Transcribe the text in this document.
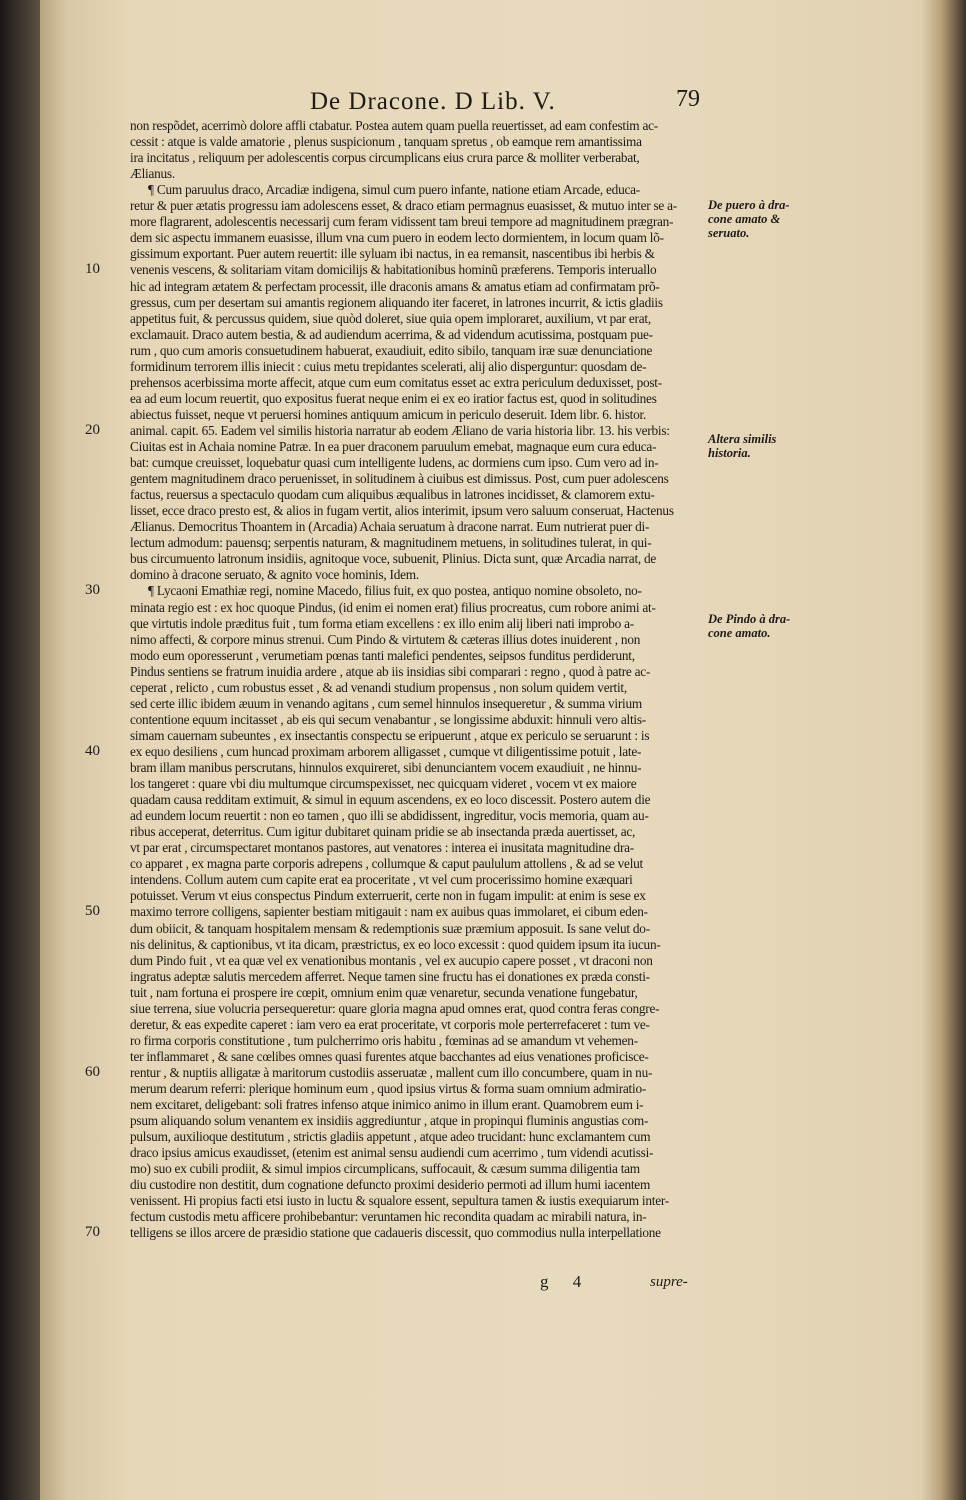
De Dracone. D Lib. V.	79
non respõdet, acerrimò dolore affli ctabatur. Postea autem quam puella reuertisset, ad eam confestim ac-
cessit : atque is valde amatorie , plenus suspicionum , tanquam spretus , ob eamque rem amantissima
ira incitatus , reliquum per adolescentis corpus circumplicans eius crura parce & molliter verberabat,
Ælianus.
¶ Cum paruulus draco, Arcadiæ indigena, simul cum puero infante, natione etiam Arcade, educa-
retur & puer ætatis progressu iam adolescens esset, & draco etiam permagnus euasisset, & mutuo inter se a-
more flagrarent, adolescentis necessarij cum feram vidissent tam breui tempore ad magnitudinem prægran-
dem sic aspectu immanem euasisse, illum vna cum puero in eodem lecto dormientem, in locum quam lõ-
gissimum exportant. Puer autem reuertit: ille syluam ibi nactus, in ea remansit, nascentibus ibi herbis &
venenis vescens, & solitariam vitam domicilijs & habitationibus hominũ præferens. Temporis interuallo
hic ad integram ætatem & perfectam processit, ille draconis amans & amatus etiam ad confirmatam prõ-
gressus, cum per desertam sui amantis regionem aliquando iter faceret, in latrones incurrit, & ictis gladiis
appetitus fuit, & percussus quidem, siue quòd doleret, siue quia opem imploraret, auxilium, vt par erat,
exclamauit. Draco autem bestia, & ad audiendum acerrima, & ad videndum acutissima, postquam pue-
rum , quo cum amoris consuetudinem habuerat, exaudiuit, edito sibilo, tanquam iræ suæ denunciatione
formidinum terrorem illis iniecit : cuius metu trepidantes scelerati, alij alio disperguntur: quosdam de-
prehensos acerbissima morte affecit, atque cum eum comitatus esset ac extra periculum deduxisset, post-
ea ad eum locum reuertit, quo expositus fuerat neque enim ei ex eo iratior factus est, quod in solitudines
abiectus fuisset, neque vt peruersi homines antiquum amicum in periculo deseruit. Idem libr. 6. histor.
animal. capit. 65. Eadem vel similis historia narratur ab eodem Æliano de varia historia libr. 13. his verbis:
Ciuitas est in Achaia nomine Patræ. In ea puer draconem paruulum emebat, magnaque eum cura educa-
bat: cumque creuisset, loquebatur quasi cum intelligente ludens, ac dormiens cum ipso. Cum vero ad in-
gentem magnitudinem draco peruenisset, in solitudinem à ciuibus est dimissus. Post, cum puer adolescens
factus, reuersus a spectaculo quodam cum aliquibus æqualibus in latrones incidisset, & clamorem extu-
lisset, ecce draco presto est, & alios in fugam vertit, alios interimit, ipsum vero saluum conseruat, Hactenus
Ælianus. Democritus Thoantem in (Arcadia) Achaia seruatum à dracone narrat. Eum nutrierat puer di-
lectum admodum: pauensq; serpentis naturam, & magnitudinem metuens, in solitudines tulerat, in qui-
bus circumuento latronum insidiis, agnitoque voce, subuenit, Plinius. Dicta sunt, quæ Arcadia narrat, de
domino à dracone seruato, & agnito voce hominis, Idem.
¶ Lycaoni Emathiæ regi, nomine Macedo, filius fuit, ex quo postea, antiquo nomine obsoleto, no-
minata regio est : ex hoc quoque Pindus, (id enim ei nomen erat) filius procreatus, cum robore animi at-
que virtutis indole præditus fuit , tum forma etiam excellens : ex illo enim alij liberi nati improbo a-
nimo affecti, & corpore minus strenui. Cum Pindo & virtutem & cæteras illius dotes inuiderent , non
modo eum oporesserunt , verumetiam pœnas tanti malefici pendentes, seipsos funditus perdiderunt,
Pindus sentiens se fratrum inuidia ardere , atque ab iis insidias sibi comparari : regno , quod à patre ac-
ceperat , relicto , cum robustus esset , & ad venandi studium propensus , non solum quidem vertit,
sed certe illic ibidem æuum in venando agitans , cum semel hinnulos insequeretur , & summa virium
contentione equum incitasset , ab eis qui secum venabantur , se longissime abduxit: hinnuli vero altis-
simam cauernam subeuntes , ex insectantis conspectu se eripuerunt , atque ex periculo se seruarunt : is
ex equo desiliens , cum huncad proximam arborem alligasset , cumque vt diligentissime potuit , late-
bram illam manibus perscrutans, hinnulos exquireret, sibi denunciantem vocem exaudiuit , ne hinnu-
los tangeret : quare vbi diu multumque circumspexisset, nec quicquam videret , vocem vt ex maiore
quadam causa redditam extimuit, & simul in equum ascendens, ex eo loco discessit. Postero autem die
ad eundem locum reuertit : non eo tamen , quo illi se abdidissent, ingreditur, vocis memoria, quam au-
ribus acceperat, deterritus. Cum igitur dubitaret quinam pridie se ab insectanda præda auertisset, ac,
vt par erat , circumspectaret montanos pastores, aut venatores : interea ei inusitata magnitudine dra-
co apparet , ex magna parte corporis adrepens , collumque & caput paululum attollens , & ad se velut
intendens. Collum autem cum capite erat ea proceritate , vt vel cum procerissimo homine exæquari
potuisset. Verum vt eius conspectus Pindum exterruerit, certe non in fugam impulit: at enim is sese ex
maximo terrore colligens, sapienter bestiam mitigauit : nam ex auibus quas immolaret, ei cibum eden-
dum obiicit, & tanquam hospitalem mensam & redemptionis suæ præmium apposuit. Is sane velut do-
nis delinitus, & captionibus, vt ita dicam, præstrictus, ex eo loco excessit : quod quidem ipsum ita iucun-
dum Pindo fuit , vt ea quæ vel ex venationibus montanis , vel ex aucupio capere posset , vt draconi non
ingratus adeptæ salutis mercedem afferret. Neque tamen sine fructu has ei donationes ex præda consti-
tuit , nam fortuna ei prospere ire cœpit, omnium enim quæ venaretur, secunda venatione fungebatur,
siue terrena, siue volucria persequeretur: quare gloria magna apud omnes erat, quod contra feras congre-
deretur, & eas expedite caperet : iam vero ea erat proceritate, vt corporis mole perterrefaceret : tum ve-
ro firma corporis constitutione , tum pulcherrimo oris habitu , fœminas ad se amandum vt vehemen-
ter inflammaret , & sane cœlibes omnes quasi furentes atque bacchantes ad eius venationes proficisce-
rentur , & nuptiis alligatæ à maritorum custodiis asseruatæ , mallent cum illo concumbere, quam in nu-
merum dearum referri: plerique hominum eum , quod ipsius virtus & forma suam omnium admiratio-
nem excitaret, deligebant: soli fratres infenso atque inimico animo in illum erant. Quamobrem eum i-
psum aliquando solum venantem ex insidiis aggrediuntur , atque in propinqui fluminis angustias com-
pulsum, auxilioque destitutum , strictis gladiis appetunt , atque adeo trucidant: hunc exclamantem cum
draco ipsius amicus exaudisset, (etenim est animal sensu audiendi cum acerrimo , tum videndi acutissi-
mo) suo ex cubili prodiit, & simul impios circumplicans, suffocauit, & cæsum summa diligentia tam
diu custodire non destitit, dum cognatione defuncto proximi desiderio permoti ad illum humi iacentem
venissent. Hi propius facti etsi iusto in luctu & squalore essent, sepultura tamen & iustis exequiarum inter-
fectum custodis metu afficere prohibebantur: veruntamen hic recondita quadam ac mirabili natura, in-
telligens se illos arcere de præsidio statione que cadaueris discessit, quo commodius nulla interpellatione
10
20
30
40
50
60
70
De puero à dra-cone amato & seruato.
Altera similis historia.
De Pindo à dra-cone amato.
g 4	supre-
